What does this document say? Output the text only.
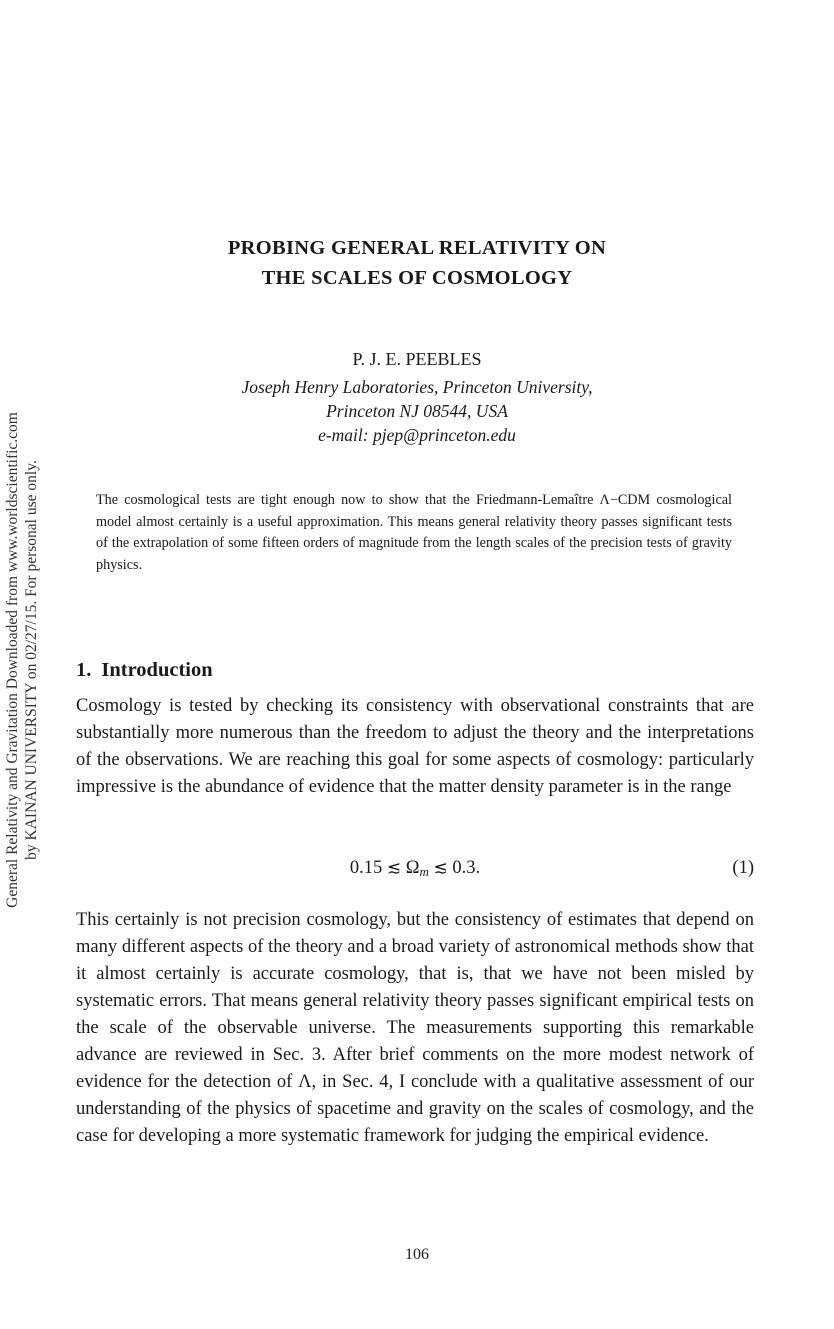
General Relativity and Gravitation Downloaded from www.worldscientific.com by KAINAN UNIVERSITY on 02/27/15. For personal use only.
PROBING GENERAL RELATIVITY ON
THE SCALES OF COSMOLOGY
P. J. E. PEEBLES
Joseph Henry Laboratories, Princeton University,
Princeton NJ 08544, USA
e-mail: pjep@princeton.edu
The cosmological tests are tight enough now to show that the Friedmann-Lemaître Λ−CDM cosmological model almost certainly is a useful approximation. This means general relativity theory passes significant tests of the extrapolation of some fifteen orders of magnitude from the length scales of the precision tests of gravity physics.
1. Introduction
Cosmology is tested by checking its consistency with observational constraints that are substantially more numerous than the freedom to adjust the theory and the interpretations of the observations. We are reaching this goal for some aspects of cosmology: particularly impressive is the abundance of evidence that the matter density parameter is in the range
0.15 ≲ $\Omega_m$ ≲ 0.3.	(1)
This certainly is not precision cosmology, but the consistency of estimates that depend on many different aspects of the theory and a broad variety of astronomical methods show that it almost certainly is accurate cosmology, that is, that we have not been misled by systematic errors. That means general relativity theory passes significant empirical tests on the scale of the observable universe. The measurements supporting this remarkable advance are reviewed in Sec. 3. After brief comments on the more modest network of evidence for the detection of Λ, in Sec. 4, I conclude with a qualitative assessment of our understanding of the physics of spacetime and gravity on the scales of cosmology, and the case for developing a more systematic framework for judging the empirical evidence.
106
